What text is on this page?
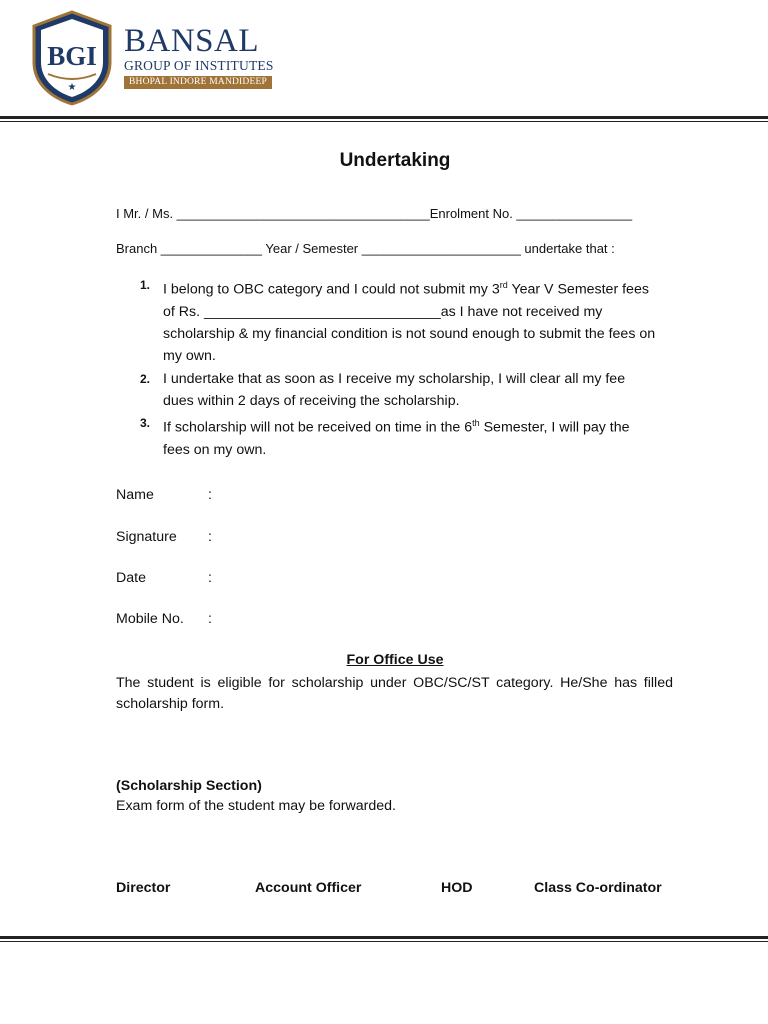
BGI
★
BANSAL
GROUP OF INSTITUTES
BHOPAL INDORE MANDIDEEP
Undertaking
I Mr. / Ms. ___________________________________Enrolment No. ________________
Branch ______________ Year / Semester ______________________ undertake that :
1. I belong to OBC category and I could not submit my 3rd Year V Semester fees of Rs. ______________________________as I have not received my scholarship & my financial condition is not sound enough to submit the fees on my own.
2. I undertake that as soon as I receive my scholarship, I will clear all my fee dues within 2 days of receiving the scholarship.
3. If scholarship will not be received on time in the 6th Semester, I will pay the fees on my own.
Name	:
Signature :
Date	:
Mobile No. :
For Office Use
The student is eligible for scholarship under OBC/SC/ST category. He/She has filled scholarship form.
(Scholarship Section)
Exam form of the student may be forwarded.
Director	Account Officer	HOD	Class Co-ordinator
